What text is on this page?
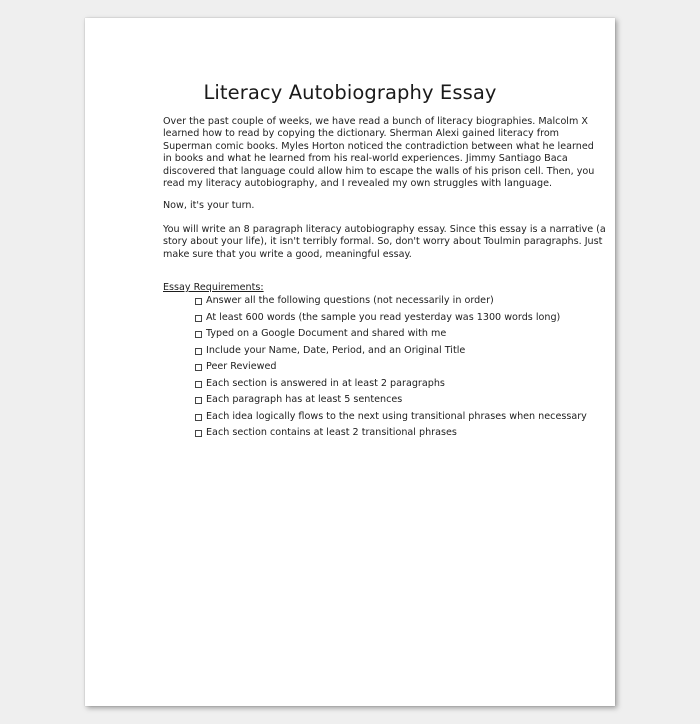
Literacy Autobiography Essay

Over the past couple of weeks, we have read a bunch of literacy biographies. Malcolm X
learned how to read by copying the dictionary. Sherman Alexi gained literacy from
Superman comic books. Myles Horton noticed the contradiction between what he learned
in books and what he learned from his real-world experiences. Jimmy Santiago Baca
discovered that language could allow him to escape the walls of his prison cell. Then, you
read my literacy autobiography, and I revealed my own struggles with language.

Now, it's your turn.

You will write an 8 paragraph literacy autobiography essay. Since this essay is a narrative (a
story about your life), it isn't terribly formal. So, don't worry about Toulmin paragraphs. Just
make sure that you write a good, meaningful essay.

Essay Requirements:

Answer all the following questions (not necessarily in order)
At least 600 words (the sample you read yesterday was 1300 words long)
Typed on a Google Document and shared with me
Include your Name, Date, Period, and an Original Title
Peer Reviewed
Each section is answered in at least 2 paragraphs
Each paragraph has at least 5 sentences
Each idea logically flows to the next using transitional phrases when necessary
Each section contains at least 2 transitional phrases
